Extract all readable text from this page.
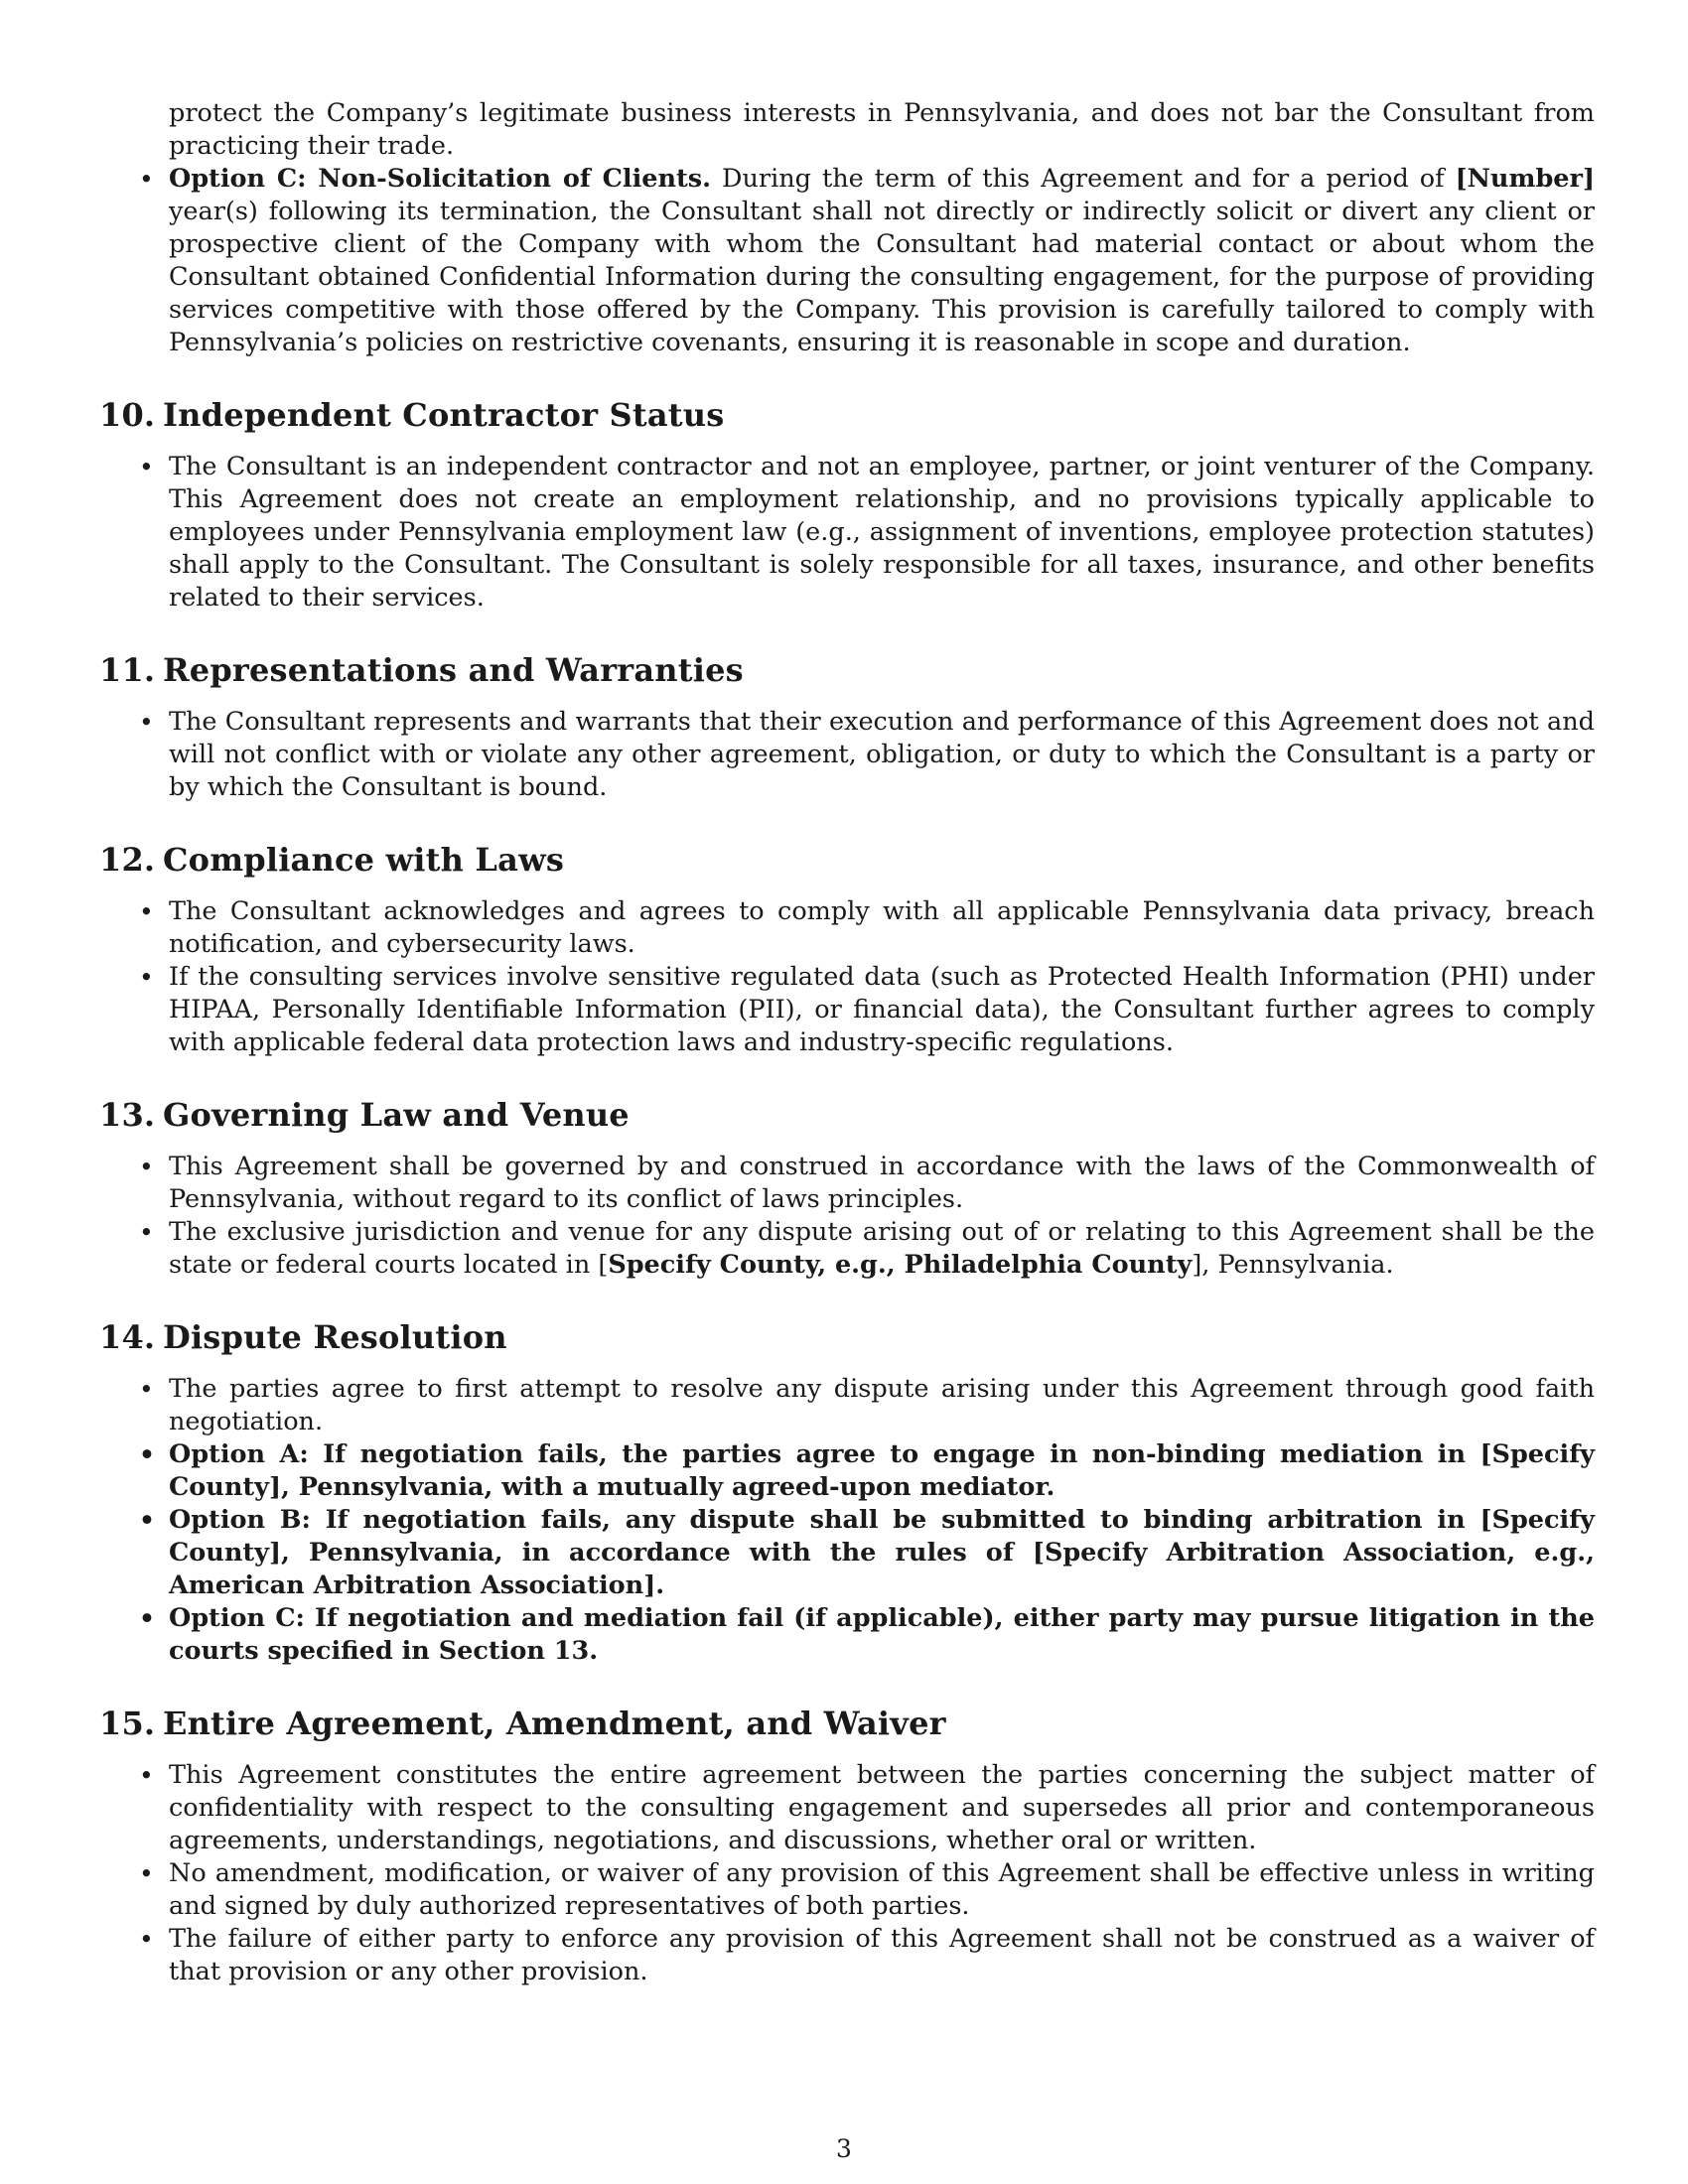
protect the Company’s legitimate business interests in Pennsylvania, and does not bar the Consultant from practicing their trade.

• Option C: Non-Solicitation of Clients. During the term of this Agreement and for a period of [Number] year(s) following its termination, the Consultant shall not directly or indirectly solicit or divert any client or prospective client of the Company with whom the Consultant had material contact or about whom the Consultant obtained Confidential Information during the consulting engagement, for the purpose of providing services competitive with those offered by the Company. This provision is carefully tailored to comply with Pennsylvania’s policies on restrictive covenants, ensuring it is reasonable in scope and duration.
10. Independent Contractor Status
• The Consultant is an independent contractor and not an employee, partner, or joint venturer of the Company. This Agreement does not create an employment relationship, and no provisions typically applicable to employees under Pennsylvania employment law (e.g., assignment of inventions, employee protection statutes) shall apply to the Consultant. The Consultant is solely responsible for all taxes, insurance, and other benefits related to their services.
11. Representations and Warranties
• The Consultant represents and warrants that their execution and performance of this Agreement does not and will not conflict with or violate any other agreement, obligation, or duty to which the Consultant is a party or by which the Consultant is bound.
12. Compliance with Laws
• The Consultant acknowledges and agrees to comply with all applicable Pennsylvania data privacy, breach notification, and cybersecurity laws.
• If the consulting services involve sensitive regulated data (such as Protected Health Information (PHI) under HIPAA, Personally Identifiable Information (PII), or financial data), the Consultant further agrees to comply with applicable federal data protection laws and industry-specific regulations.
13. Governing Law and Venue
• This Agreement shall be governed by and construed in accordance with the laws of the Commonwealth of Pennsylvania, without regard to its conflict of laws principles.
• The exclusive jurisdiction and venue for any dispute arising out of or relating to this Agreement shall be the state or federal courts located in [Specify County, e.g., Philadelphia County], Pennsylvania.
14. Dispute Resolution
• The parties agree to first attempt to resolve any dispute arising under this Agreement through good faith negotiation.
• Option A: If negotiation fails, the parties agree to engage in non-binding mediation in [Specify County], Pennsylvania, with a mutually agreed-upon mediator.
• Option B: If negotiation fails, any dispute shall be submitted to binding arbitration in [Specify County], Pennsylvania, in accordance with the rules of [Specify Arbitration Association, e.g., American Arbitration Association].
• Option C: If negotiation and mediation fail (if applicable), either party may pursue litigation in the courts specified in Section 13.
15. Entire Agreement, Amendment, and Waiver
• This Agreement constitutes the entire agreement between the parties concerning the subject matter of confidentiality with respect to the consulting engagement and supersedes all prior and contemporaneous agreements, understandings, negotiations, and discussions, whether oral or written.
• No amendment, modification, or waiver of any provision of this Agreement shall be effective unless in writing and signed by duly authorized representatives of both parties.
• The failure of either party to enforce any provision of this Agreement shall not be construed as a waiver of that provision or any other provision.
3
